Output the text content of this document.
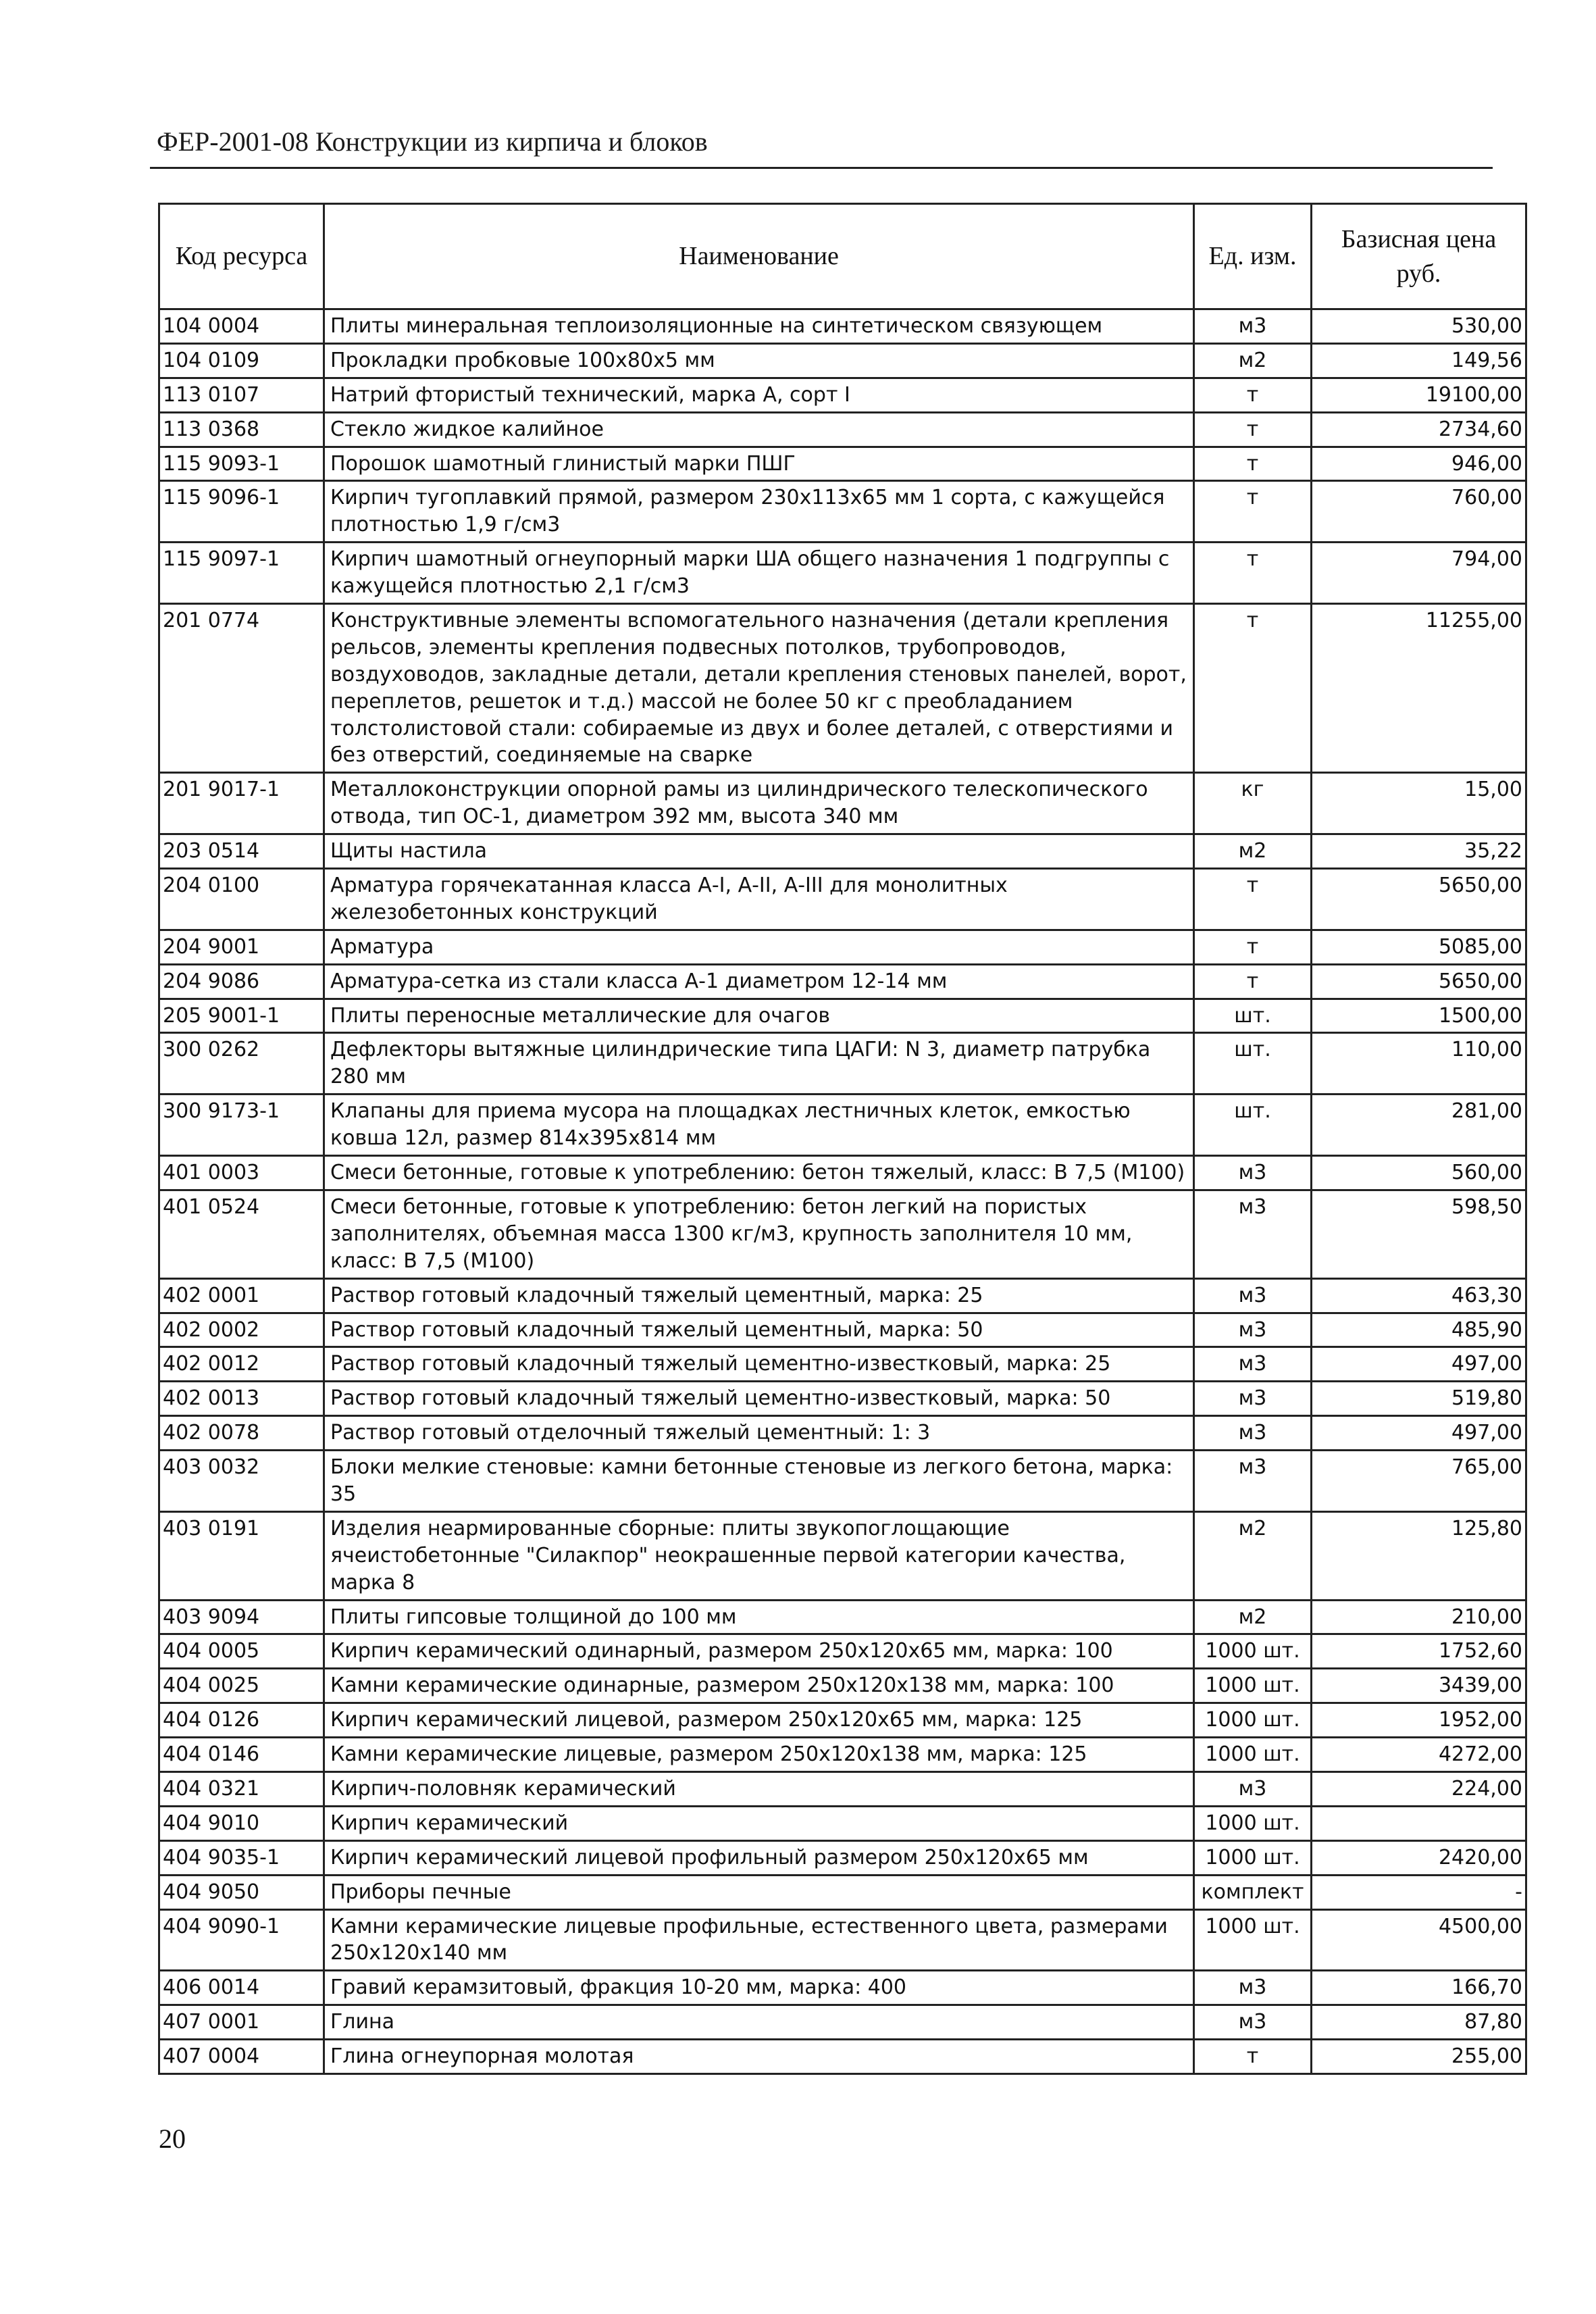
ФЕР-2001-08 Конструкции из кирпича и блоков
Код ресурса	Наименование	Ед. изм.	Базисная цена руб.
104 0004	Плиты минеральная теплоизоляционные на синтетическом связующем	м3	530,00
104 0109	Прокладки пробковые 100х80х5 мм	м2	149,56
113 0107	Натрий фтористый технический, марка А, сорт I	т	19100,00
113 0368	Стекло жидкое калийное	т	2734,60
115 9093-1	Порошок шамотный глинистый марки ПШГ	т	946,00
115 9096-1	Кирпич тугоплавкий прямой, размером 230х113х65 мм 1 сорта, с кажущейся плотностью 1,9 г/см3	т	760,00
115 9097-1	Кирпич шамотный огнеупорный марки ША общего назначения 1 подгруппы с кажущейся плотностью 2,1 г/см3	т	794,00
201 0774	Конструктивные элементы вспомогательного назначения (детали крепления рельсов, элементы крепления подвесных потолков, трубопроводов, воздуховодов, закладные детали, детали крепления стеновых панелей, ворот, переплетов, решеток и т.д.) массой не более 50 кг с преобладанием толстолистовой стали: собираемые из двух и более деталей, с отверстиями и без отверстий, соединяемые на сварке	т	11255,00
201 9017-1	Металлоконструкции опорной рамы из цилиндрического телескопического отвода, тип ОС-1, диаметром 392 мм, высота 340 мм	кг	15,00
203 0514	Щиты настила	м2	35,22
204 0100	Арматура горячекатанная класса А-I, А-II, А-III для монолитных железобетонных конструкций	т	5650,00
204 9001	Арматура	т	5085,00
204 9086	Арматура-сетка из стали класса А-1 диаметром 12-14 мм	т	5650,00
205 9001-1	Плиты переносные металлические для очагов	шт.	1500,00
300 0262	Дефлекторы вытяжные цилиндрические типа ЦАГИ: N 3, диаметр патрубка 280 мм	шт.	110,00
300 9173-1	Клапаны для приема мусора на площадках лестничных клеток, емкостью ковша 12л, размер 814х395х814 мм	шт.	281,00
401 0003	Смеси бетонные, готовые к употреблению: бетон тяжелый, класс: В 7,5 (М100)	м3	560,00
401 0524	Смеси бетонные, готовые к употреблению: бетон легкий на пористых заполнителях, объемная масса 1300 кг/м3, крупность заполнителя 10 мм, класс: В 7,5 (М100)	м3	598,50
402 0001	Раствор готовый кладочный тяжелый цементный, марка: 25	м3	463,30
402 0002	Раствор готовый кладочный тяжелый цементный, марка: 50	м3	485,90
402 0012	Раствор готовый кладочный тяжелый цементно-известковый, марка: 25	м3	497,00
402 0013	Раствор готовый кладочный тяжелый цементно-известковый, марка: 50	м3	519,80
402 0078	Раствор готовый отделочный тяжелый цементный: 1: 3	м3	497,00
403 0032	Блоки мелкие стеновые: камни бетонные стеновые из легкого бетона, марка: 35	м3	765,00
403 0191	Изделия неармированные сборные: плиты звукопоглощающие ячеистобетонные "Силакпор" неокрашенные первой категории качества, марка 8	м2	125,80
403 9094	Плиты гипсовые толщиной до 100 мм	м2	210,00
404 0005	Кирпич керамический одинарный, размером 250х120х65 мм, марка: 100	1000 шт.	1752,60
404 0025	Камни керамические одинарные, размером 250х120х138 мм, марка: 100	1000 шт.	3439,00
404 0126	Кирпич керамический лицевой, размером 250х120х65 мм, марка: 125	1000 шт.	1952,00
404 0146	Камни керамические лицевые, размером 250х120х138 мм, марка: 125	1000 шт.	4272,00
404 0321	Кирпич-половняк керамический	м3	224,00
404 9010	Кирпич керамический	1000 шт.	
404 9035-1	Кирпич керамический лицевой профильный размером 250х120х65 мм	1000 шт.	2420,00
404 9050	Приборы печные	комплект	-
404 9090-1	Камни керамические лицевые профильные, естественного цвета, размерами 250х120х140 мм	1000 шт.	4500,00
406 0014	Гравий керамзитовый, фракция 10-20 мм, марка: 400	м3	166,70
407 0001	Глина	м3	87,80
407 0004	Глина огнеупорная молотая	т	255,00
20
